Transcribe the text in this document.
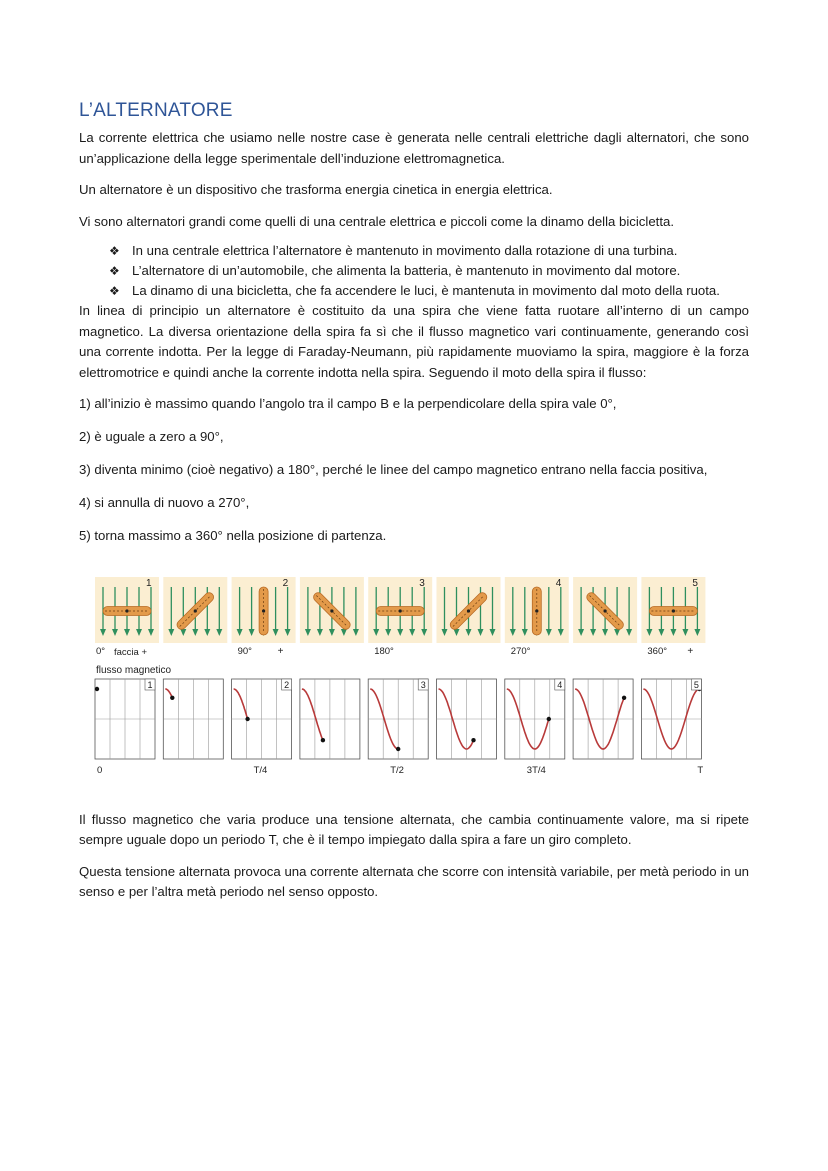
L’ALTERNATORE

La corrente elettrica che usiamo nelle nostre case è generata nelle centrali elettriche dagli alternatori, che sono un’applicazione della legge sperimentale dell’induzione elettromagnetica.

Un alternatore è un dispositivo che trasforma energia cinetica in energia elettrica.

Vi sono alternatori grandi come quelli di una centrale elettrica e piccoli come la dinamo della bicicletta.

❖ In una centrale elettrica l’alternatore è mantenuto in movimento dalla rotazione di una turbina.
❖ L’alternatore di un’automobile, che alimenta la batteria, è mantenuto in movimento dal motore.
❖ La dinamo di una bicicletta, che fa accendere le luci, è mantenuta in movimento dal moto della ruota.

In linea di principio un alternatore è costituito da una spira che viene fatta ruotare all’interno di un campo magnetico. La diversa orientazione della spira fa sì che il flusso magnetico vari continuamente, generando così una corrente indotta. Per la legge di Faraday-Neumann, più rapidamente muoviamo la spira, maggiore è la forza elettromotrice e quindi anche la corrente indotta nella spira. Seguendo il moto della spira il flusso:

1) all’inizio è massimo quando l’angolo tra il campo B e la perpendicolare della spira vale 0°,

2) è uguale a zero a 90°,

3) diventa minimo (cioè negativo) a 180°, perché le linee del campo magnetico entrano nella faccia positiva,

4) si annulla di nuovo a 270°,

5) torna massimo a 360° nella posizione di partenza.

1
0°
2
90°
3
180°
4
270°
5
360°
faccia +	+	+
1
0
2
T/4
3
T/2
4
3T/4
5
T
flusso magnetico

Il flusso magnetico che varia produce una tensione alternata, che cambia continuamente valore, ma si ripete sempre uguale dopo un periodo T, che è il tempo impiegato dalla spira a fare un giro completo.

Questa tensione alternata provoca una corrente alternata che scorre con intensità variabile, per metà periodo in un senso e per l’altra metà periodo nel senso opposto.
